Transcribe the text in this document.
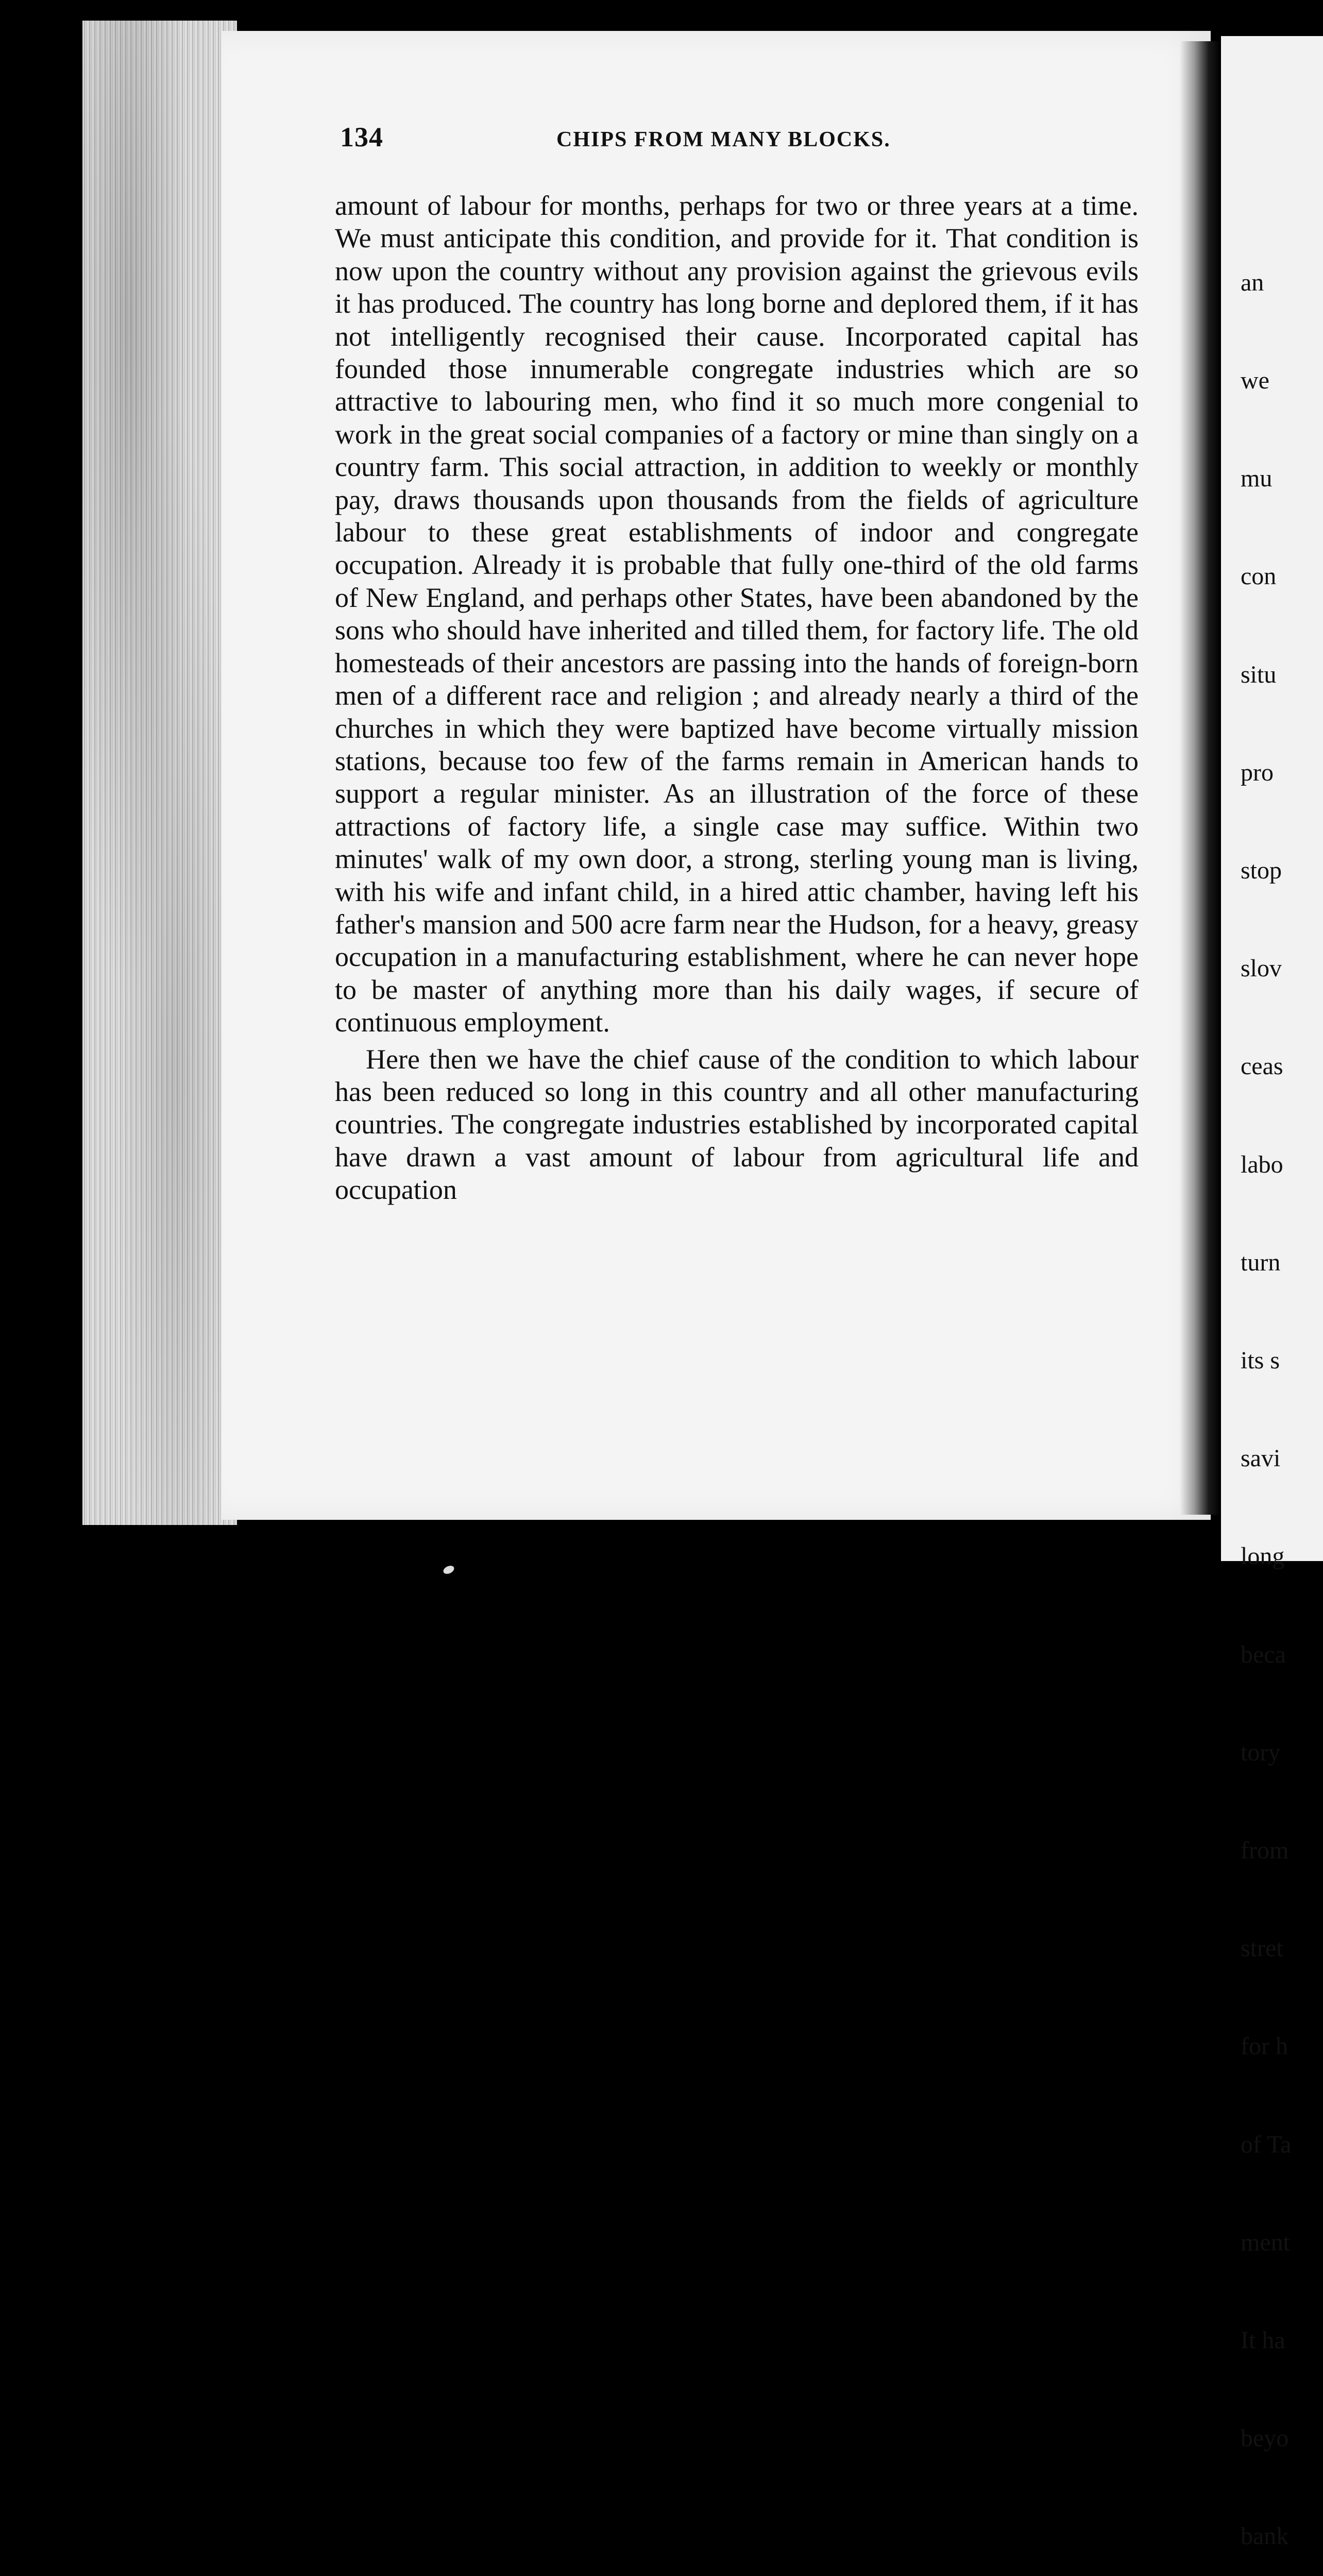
134	CHIPS FROM MANY BLOCKS.

amount of labour for months, perhaps for two or three years at a time. We must anticipate this condition, and provide for it. That condition is now upon the country without any provision against the grievous evils it has produced. The country has long borne and deplored them, if it has not intelligently recognised their cause. Incorporated capital has founded those innumerable congregate industries which are so attractive to labouring men, who find it so much more congenial to work in the great social companies of a factory or mine than singly on a country farm. This social attraction, in addition to weekly or monthly pay, draws thousands upon thousands from the fields of agriculture labour to these great establishments of indoor and congregate occupation. Already it is probable that fully one-third of the old farms of New England, and perhaps other States, have been abandoned by the sons who should have inherited and tilled them, for factory life. The old homesteads of their ancestors are passing into the hands of foreign-born men of a different race and religion ; and already nearly a third of the churches in which they were baptized have become virtually mission stations, because too few of the farms remain in American hands to support a regular minister. As an illustration of the force of these attractions of factory life, a single case may suffice. Within two minutes' walk of my own door, a strong, sterling young man is living, with his wife and infant child, in a hired attic chamber, having left his father's mansion and 500 acre farm near the Hudson, for a heavy, greasy occupation in a manufacturing establishment, where he can never hope to be master of anything more than his daily wages, if secure of continuous employment.

Here then we have the chief cause of the condition to which labour has been reduced so long in this country and all other manufacturing countries. The congregate industries established by incorporated capital have drawn a vast amount of labour from agricultural life and occupation

an

we

mu

con

situ

pro

stop

slov

ceas

labo

turn

its s

savi

long

beca

tory

from

stret

for h

of Ta

ment

It ha

beyo

bank
